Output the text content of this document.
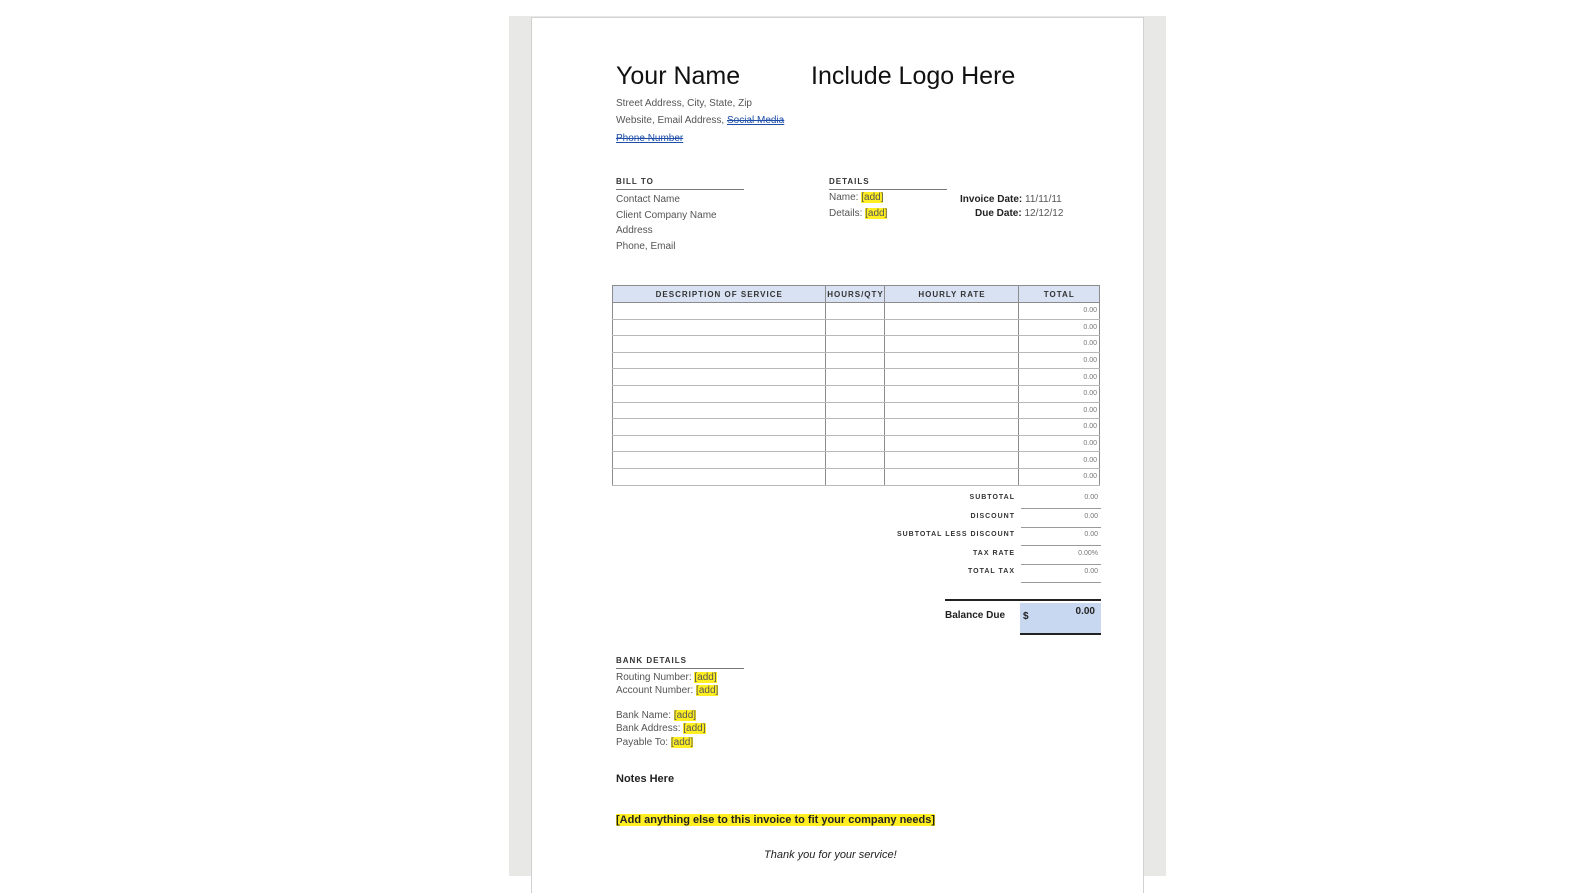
Your Name	Include Logo Here
Street Address, City, State, Zip
Website, Email Address, Social Media
Phone Number
BILL TO
Contact Name
Client Company Name
Address
Phone, Email
DETAILS
Name: [add]
Details: [add]
Invoice Date: 11/11/11
Due Date: 12/12/12
DESCRIPTION OF SERVICE	HOURS/QTY	HOURLY RATE	TOTAL
			0.00
			0.00
			0.00
			0.00
			0.00
			0.00
			0.00
			0.00
			0.00
			0.00
			0.00
SUBTOTAL	0.00
DISCOUNT	0.00
SUBTOTAL LESS DISCOUNT	0.00
TAX RATE	0.00%
TOTAL TAX	0.00
Balance Due $	0.00
BANK DETAILS
Routing Number: [add]
Account Number: [add]
Bank Name: [add]
Bank Address: [add]
Payable To: [add]
Notes Here
[Add anything else to this invoice to fit your company needs]
Thank you for your service!
